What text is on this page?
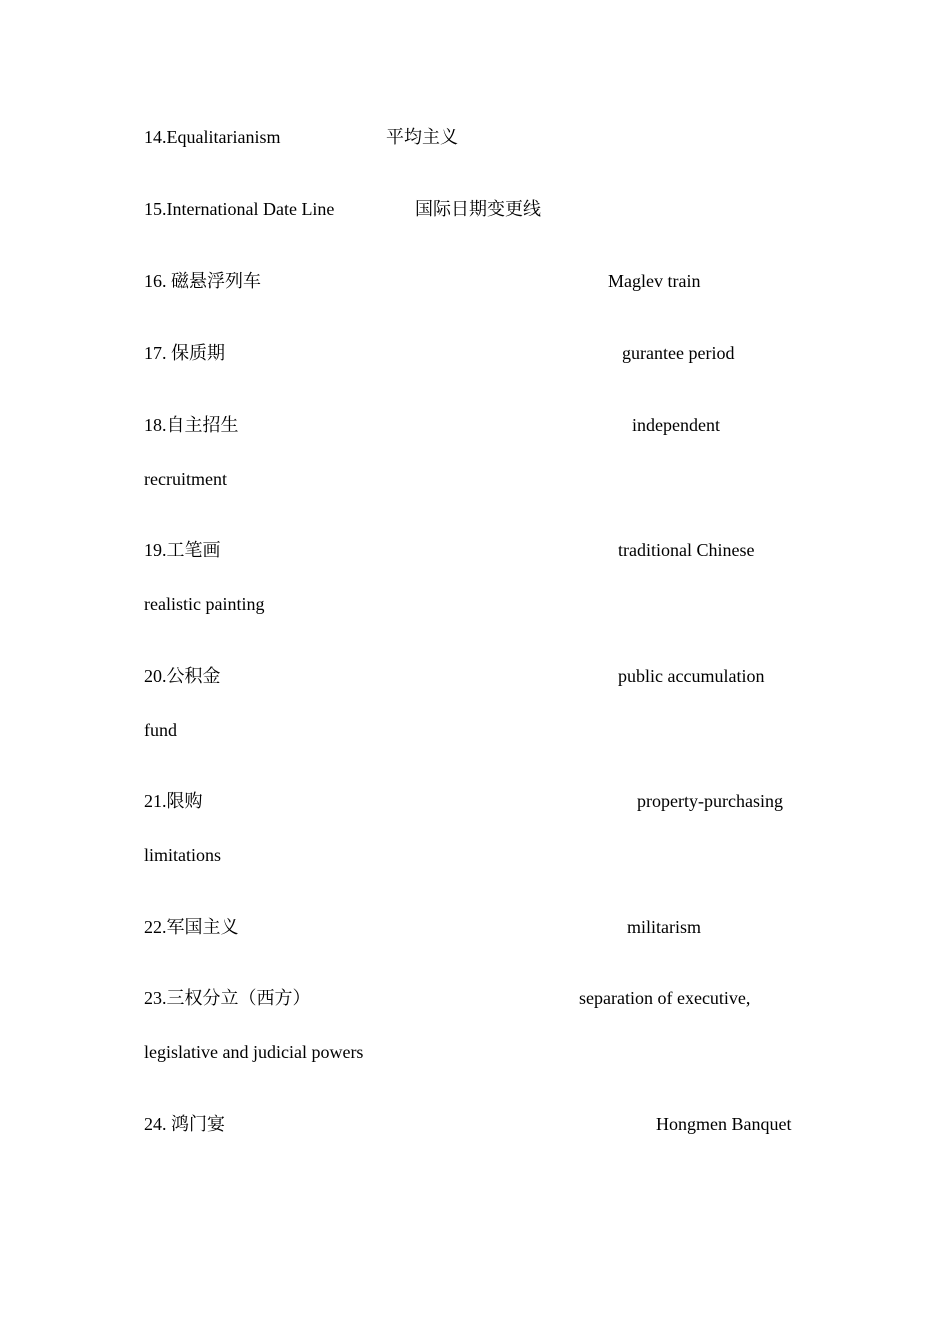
14.Equalitarianism	平均主义
15.International Date Line	国际日期变更线
16. 磁悬浮列车	Maglev train
17. 保质期	gurantee period
18.自主招生	independent
recruitment
19.工笔画	traditional Chinese
realistic painting
20.公积金	public accumulation
fund
21.限购	property-purchasing
limitations
22.军国主义	militarism
23.三权分立（西方）	separation of executive,
legislative and judicial powers
24. 鸿门宴	Hongmen Banquet
